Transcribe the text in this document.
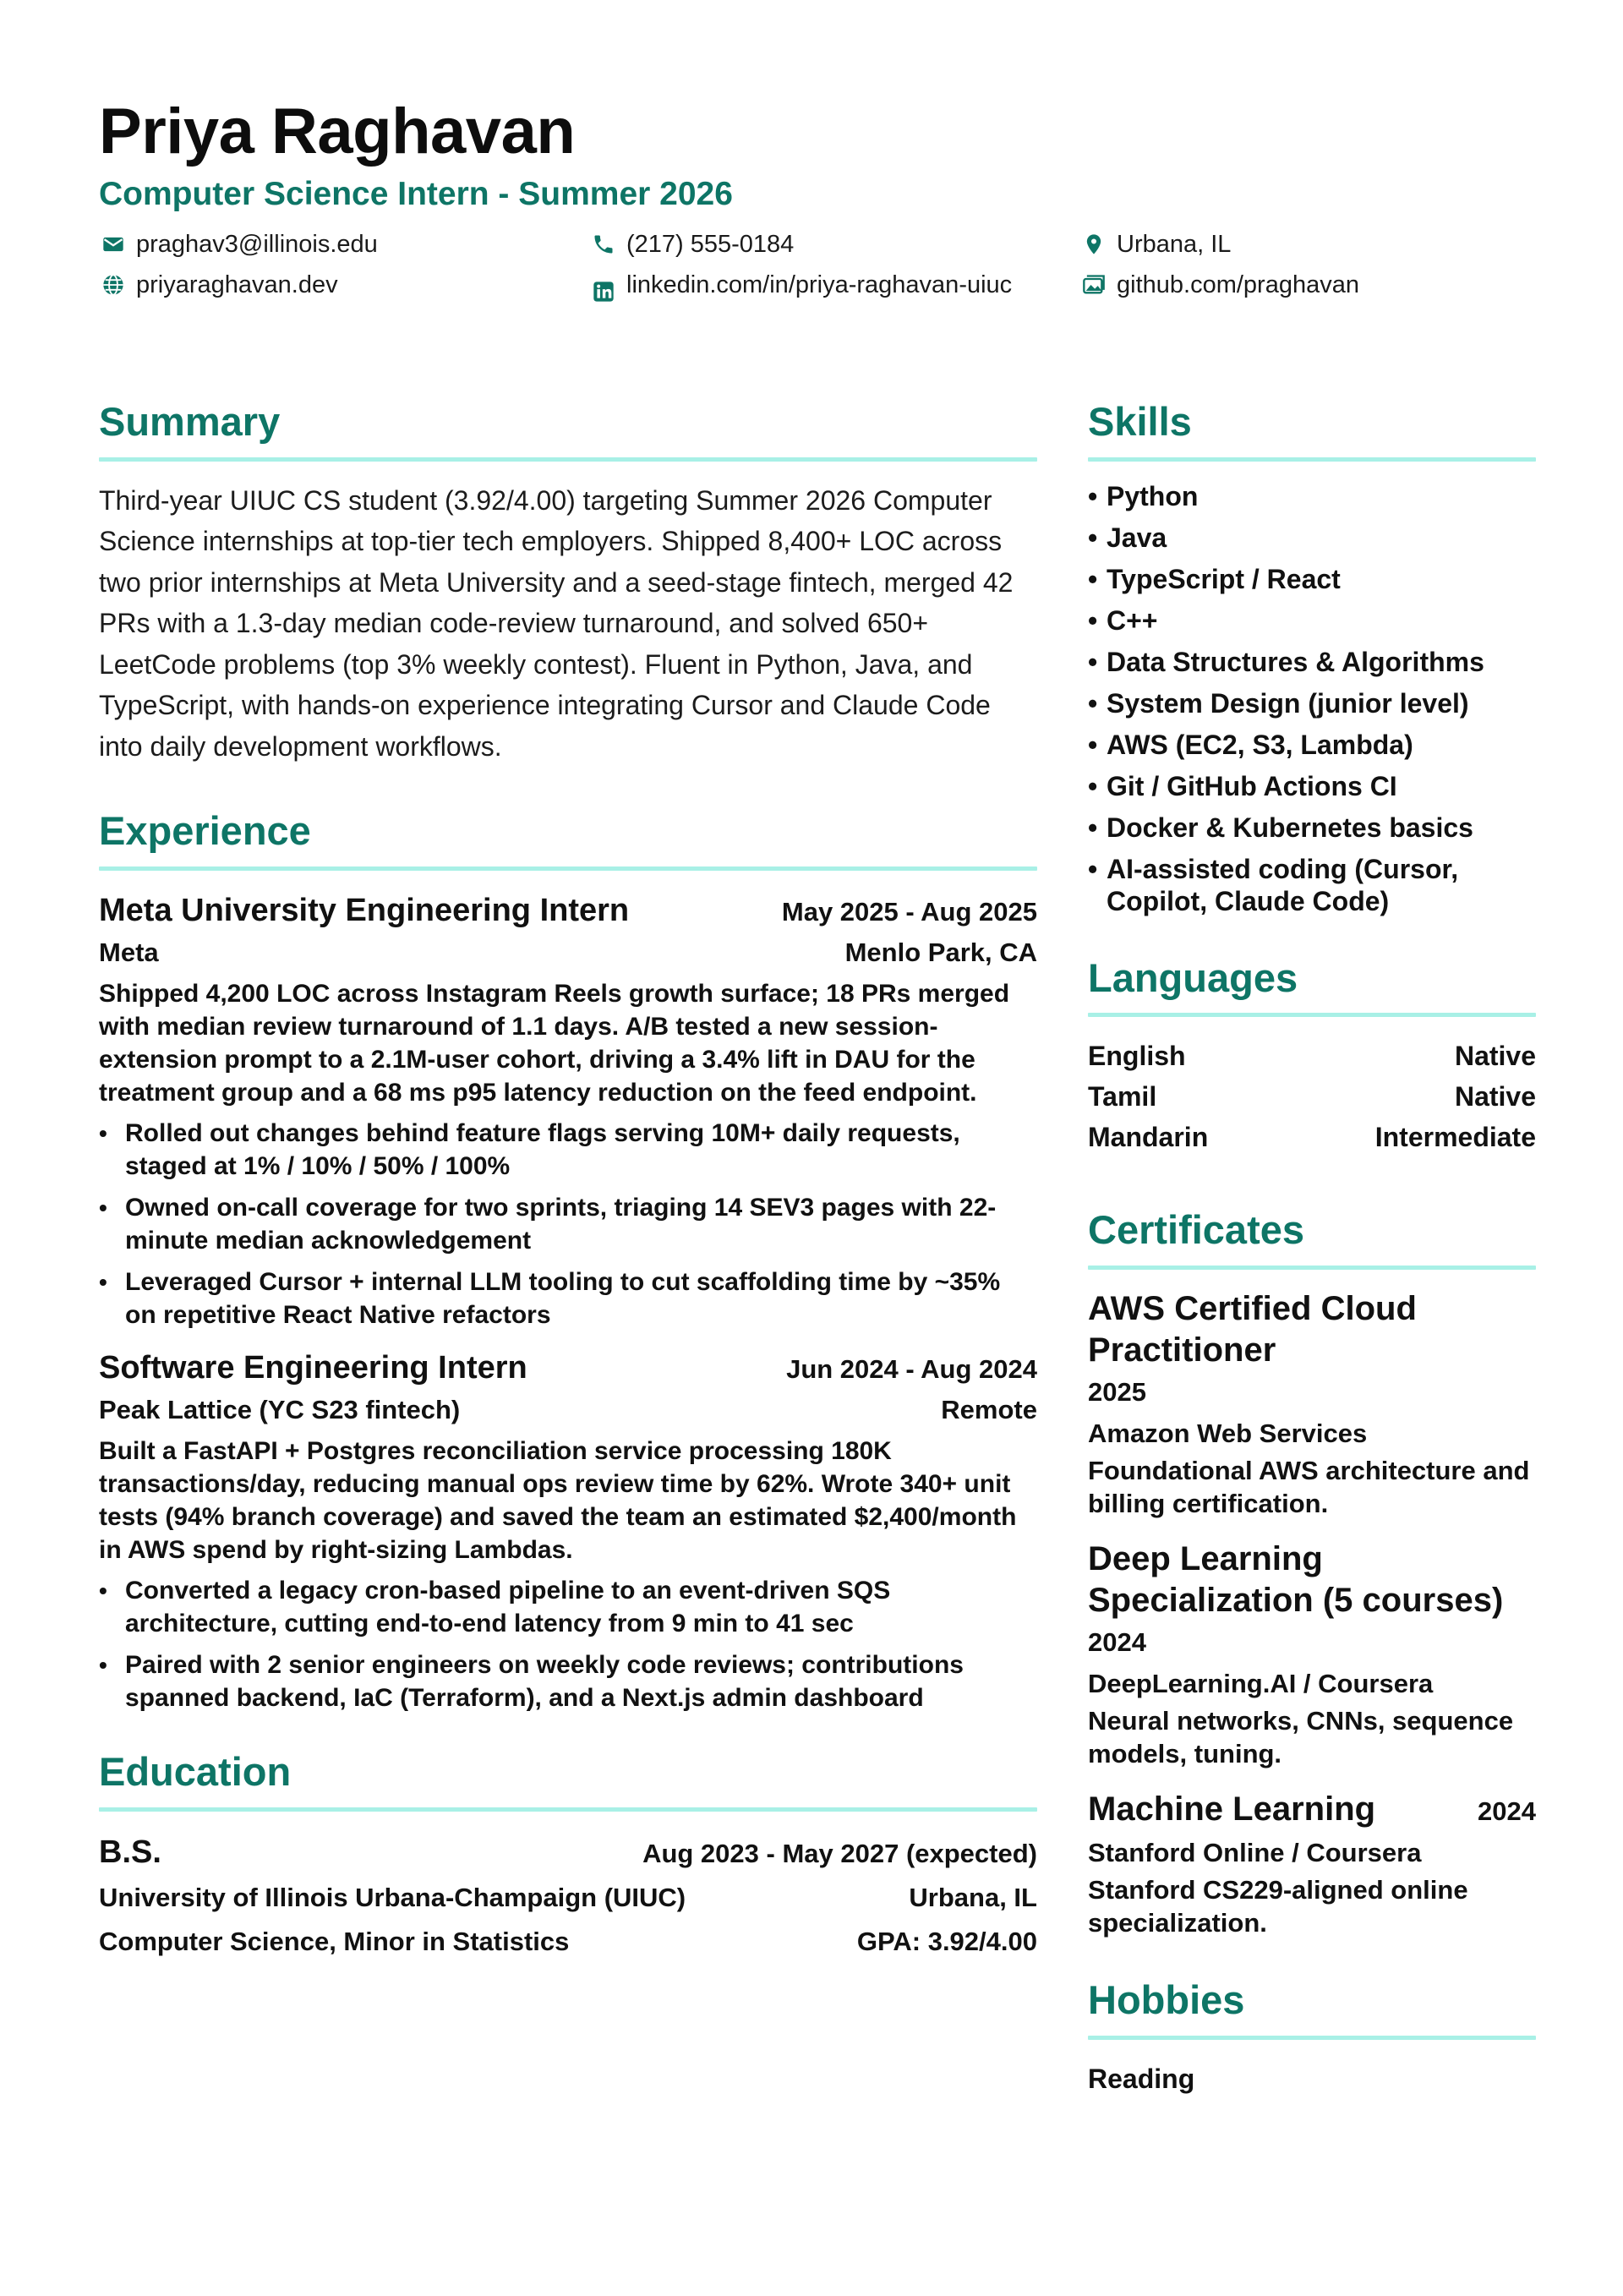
Priya Raghavan
Computer Science Intern - Summer 2026
praghav3@illinois.edu	(217) 555-0184	Urbana, IL
priyaraghavan.dev	linkedin.com/in/priya-raghavan-uiuc	github.com/praghavan
Summary

Third-year UIUC CS student (3.92/4.00) targeting Summer 2026 Computer Science internships at top-tier tech employers. Shipped 8,400+ LOC across two prior internships at Meta University and a seed-stage fintech, merged 42 PRs with a 1.3-day median code-review turnaround, and solved 650+ LeetCode problems (top 3% weekly contest). Fluent in Python, Java, and TypeScript, with hands-on experience integrating Cursor and Claude Code into daily development workflows.

Experience
Meta University Engineering Intern	May 2025 - Aug 2025
Meta	Menlo Park, CA

Shipped 4,200 LOC across Instagram Reels growth surface; 18 PRs merged with median review turnaround of 1.1 days. A/B tested a new session-extension prompt to a 2.1M-user cohort, driving a 3.4% lift in DAU for the treatment group and a 68 ms p95 latency reduction on the feed endpoint.

• Rolled out changes behind feature flags serving 10M+ daily requests, staged at 1% / 10% / 50% / 100%
• Owned on-call coverage for two sprints, triaging 14 SEV3 pages with 22-minute median acknowledgement
• Leveraged Cursor + internal LLM tooling to cut scaffolding time by ~35% on repetitive React Native refactors
Software Engineering Intern	Jun 2024 - Aug 2024
Peak Lattice (YC S23 fintech)	Remote

Built a FastAPI + Postgres reconciliation service processing 180K transactions/day, reducing manual ops review time by 62%. Wrote 340+ unit tests (94% branch coverage) and saved the team an estimated $2,400/month in AWS spend by right-sizing Lambdas.

• Converted a legacy cron-based pipeline to an event-driven SQS architecture, cutting end-to-end latency from 9 min to 41 sec
• Paired with 2 senior engineers on weekly code reviews; contributions spanned backend, IaC (Terraform), and a Next.js admin dashboard
Education
B.S.	Aug 2023 - May 2027 (expected)
University of Illinois Urbana-Champaign (UIUC)	Urbana, IL
Computer Science, Minor in Statistics	GPA: 3.92/4.00
Skills
• Python
• Java
• TypeScript / React
• C++
• Data Structures & Algorithms
• System Design (junior level)
• AWS (EC2, S3, Lambda)
• Git / GitHub Actions CI
• Docker & Kubernetes basics
• AI-assisted coding (Cursor, Copilot, Claude Code)
Languages
English	Native
Tamil	Native
Mandarin	Intermediate
Certificates
AWS Certified Cloud Practitioner
2025
Amazon Web Services
Foundational AWS architecture and billing certification.
Deep Learning Specialization (5 courses)
2024
DeepLearning.AI / Coursera
Neural networks, CNNs, sequence models, tuning.
Machine Learning	2024
Stanford Online / Coursera
Stanford CS229-aligned online specialization.
Hobbies
Reading
